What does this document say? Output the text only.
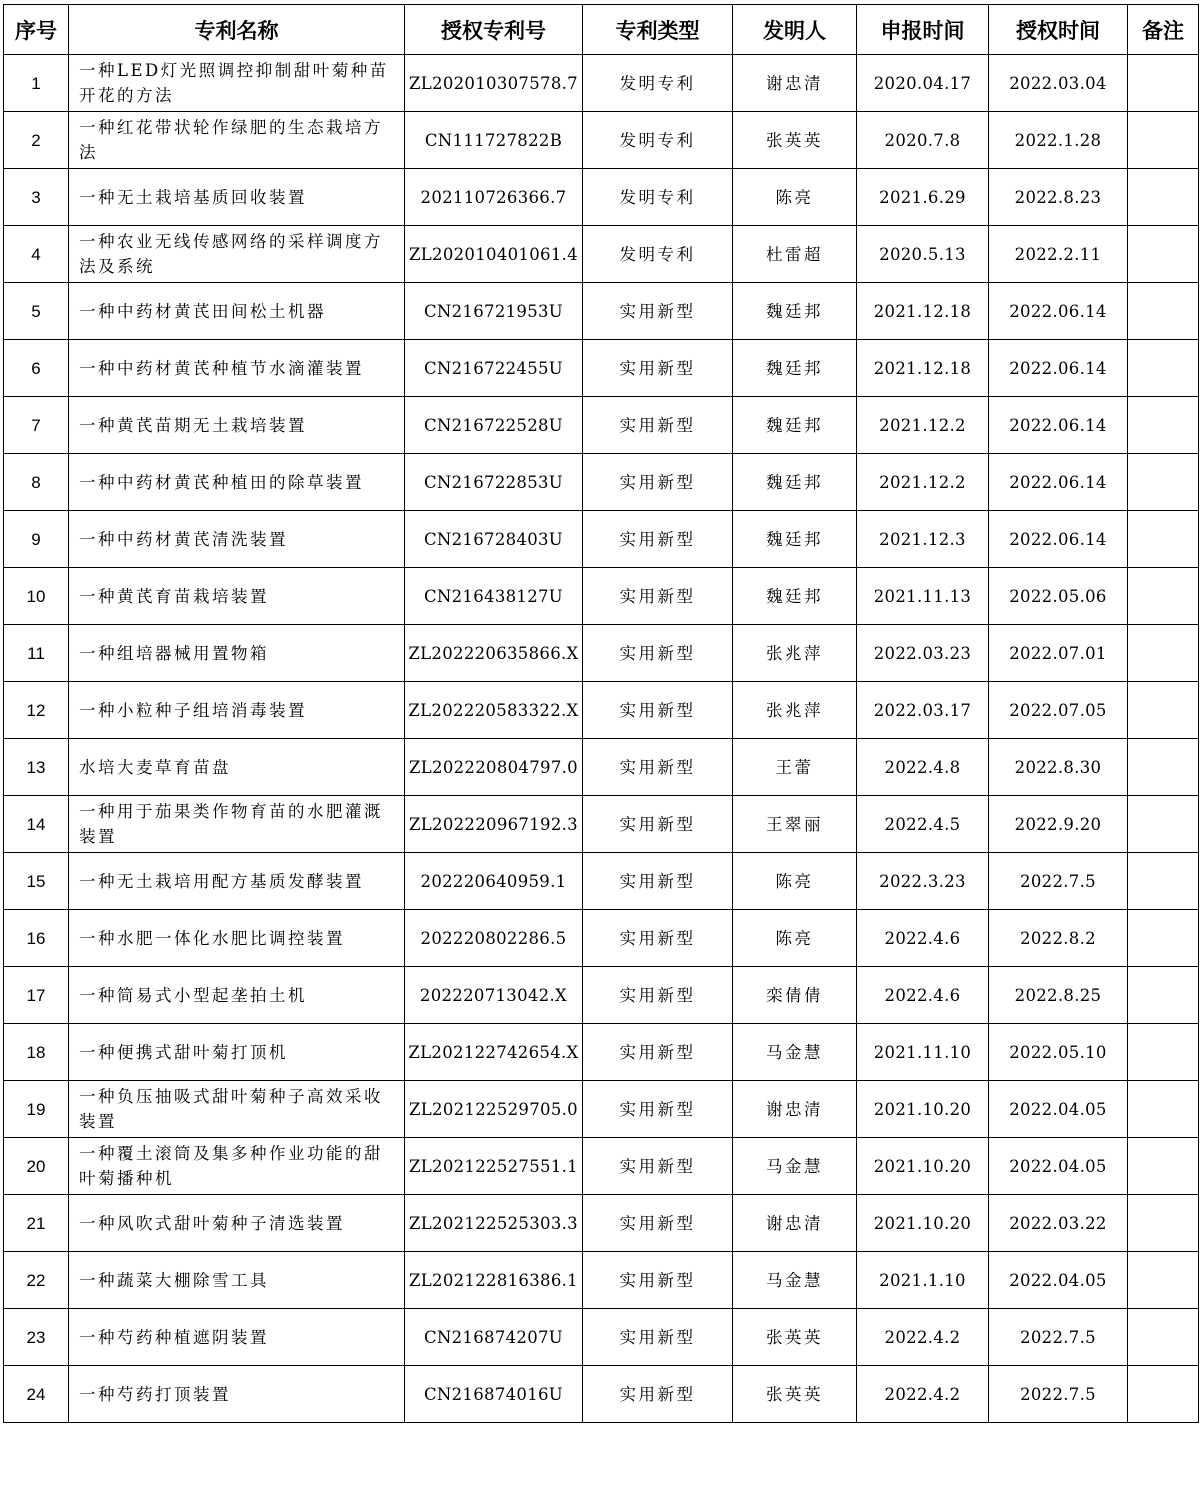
序号	专利名称	授权专利号	专利类型	发明人	申报时间	授权时间	备注
1	一种LED灯光照调控抑制甜叶菊种苗开花的方法	ZL202010307578.7	发明专利	谢忠清	2020.04.17	2022.03.04	
2	一种红花带状轮作绿肥的生态栽培方法	CN111727822B	发明专利	张英英	2020.7.8	2022.1.28	
3	一种无土栽培基质回收装置	202110726366.7	发明专利	陈亮	2021.6.29	2022.8.23	
4	一种农业无线传感网络的采样调度方法及系统	ZL202010401061.4	发明专利	杜雷超	2020.5.13	2022.2.11	
5	一种中药材黄芪田间松土机器	CN216721953U	实用新型	魏廷邦	2021.12.18	2022.06.14	
6	一种中药材黄芪种植节水滴灌装置	CN216722455U	实用新型	魏廷邦	2021.12.18	2022.06.14	
7	一种黄芪苗期无土栽培装置	CN216722528U	实用新型	魏廷邦	2021.12.2	2022.06.14	
8	一种中药材黄芪种植田的除草装置	CN216722853U	实用新型	魏廷邦	2021.12.2	2022.06.14	
9	一种中药材黄芪清洗装置	CN216728403U	实用新型	魏廷邦	2021.12.3	2022.06.14	
10	一种黄芪育苗栽培装置	CN216438127U	实用新型	魏廷邦	2021.11.13	2022.05.06	
11	一种组培器械用置物箱	ZL202220635866.X	实用新型	张兆萍	2022.03.23	2022.07.01	
12	一种小粒种子组培消毒装置	ZL202220583322.X	实用新型	张兆萍	2022.03.17	2022.07.05	
13	水培大麦草育苗盘	ZL202220804797.0	实用新型	王蕾	2022.4.8	2022.8.30	
14	一种用于茄果类作物育苗的水肥灌溉装置	ZL202220967192.3	实用新型	王翠丽	2022.4.5	2022.9.20	
15	一种无土栽培用配方基质发酵装置	202220640959.1	实用新型	陈亮	2022.3.23	2022.7.5	
16	一种水肥一体化水肥比调控装置	202220802286.5	实用新型	陈亮	2022.4.6	2022.8.2	
17	一种简易式小型起垄拍土机	202220713042.X	实用新型	栾倩倩	2022.4.6	2022.8.25	
18	一种便携式甜叶菊打顶机	ZL202122742654.X	实用新型	马金慧	2021.11.10	2022.05.10	
19	一种负压抽吸式甜叶菊种子高效采收装置	ZL202122529705.0	实用新型	谢忠清	2021.10.20	2022.04.05	
20	一种覆土滚筒及集多种作业功能的甜叶菊播种机	ZL202122527551.1	实用新型	马金慧	2021.10.20	2022.04.05	
21	一种风吹式甜叶菊种子清选装置	ZL202122525303.3	实用新型	谢忠清	2021.10.20	2022.03.22	
22	一种蔬菜大棚除雪工具	ZL202122816386.1	实用新型	马金慧	2021.1.10	2022.04.05	
23	一种芍药种植遮阴装置	CN216874207U	实用新型	张英英	2022.4.2	2022.7.5	
24	一种芍药打顶装置	CN216874016U	实用新型	张英英	2022.4.2	2022.7.5	
